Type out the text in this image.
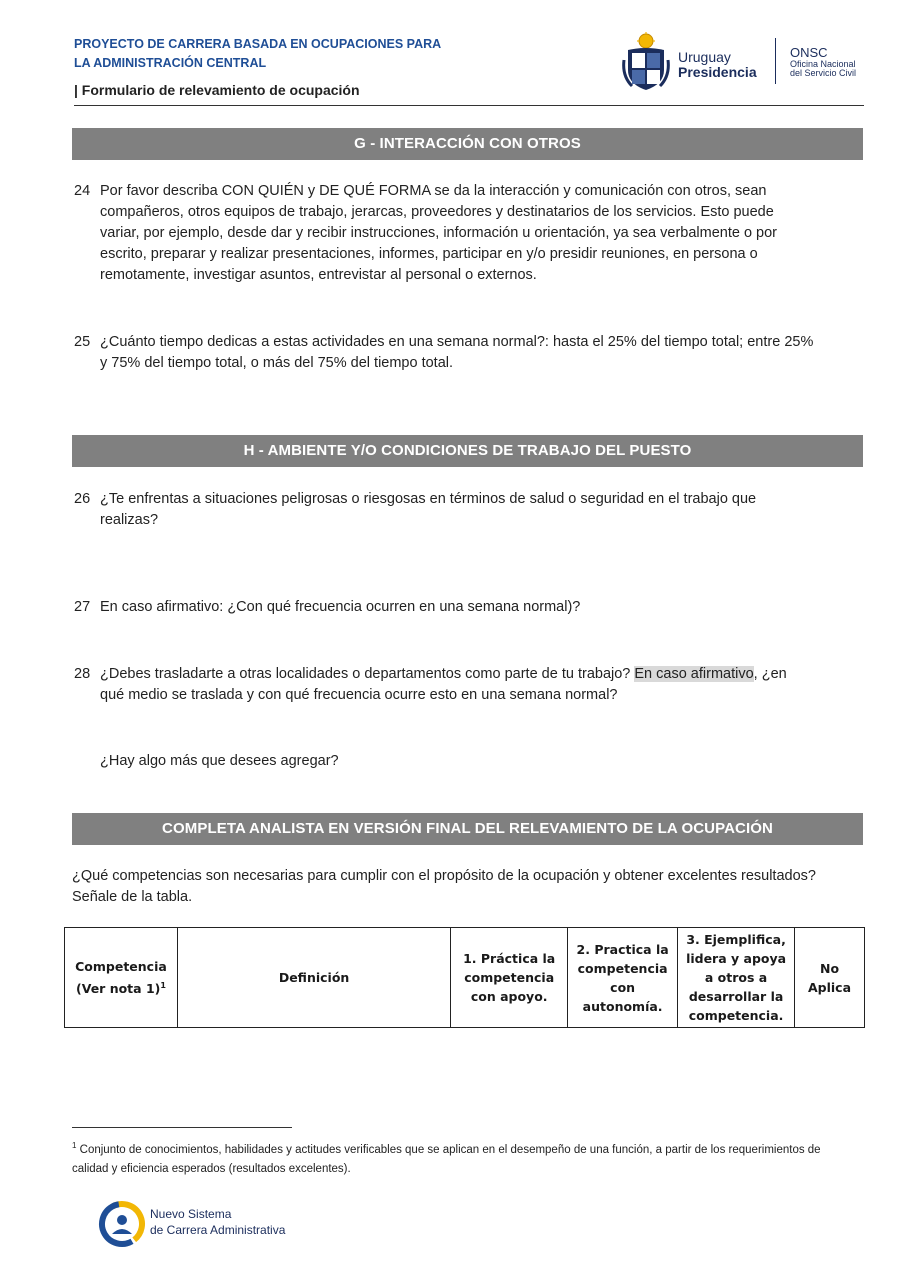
PROYECTO DE CARRERA BASADA EN OCUPACIONES PARA
LA ADMINISTRACIÓN CENTRAL
| Formulario de relevamiento de ocupación
Uruguay
Presidencia
ONSC
Oficina Nacional
del Servicio Civil
G - INTERACCIÓN CON OTROS
24 Por favor describa CON QUIÉN y DE QUÉ FORMA se da la interacción y comunicación con otros, sean compañeros, otros equipos de trabajo, jerarcas, proveedores y destinatarios de los servicios. Esto puede variar, por ejemplo, desde dar y recibir instrucciones, información u orientación, ya sea verbalmente o por escrito, preparar y realizar presentaciones, informes, participar en y/o presidir reuniones, en persona o remotamente, investigar asuntos, entrevistar al personal o externos.
25 ¿Cuánto tiempo dedicas a estas actividades en una semana normal?: hasta el 25% del tiempo total; entre 25% y 75% del tiempo total, o más del 75% del tiempo total.
H - AMBIENTE Y/O CONDICIONES DE TRABAJO DEL PUESTO
26 ¿Te enfrentas a situaciones peligrosas o riesgosas en términos de salud o seguridad en el trabajo que realizas?
27 En caso afirmativo: ¿Con qué frecuencia ocurren en una semana normal)?
28 ¿Debes trasladarte a otras localidades o departamentos como parte de tu trabajo? En caso afirmativo, ¿en qué medio se traslada y con qué frecuencia ocurre esto en una semana normal?
¿Hay algo más que desees agregar?
COMPLETA ANALISTA EN VERSIÓN FINAL DEL RELEVAMIENTO DE LA OCUPACIÓN
¿Qué competencias son necesarias para cumplir con el propósito de la ocupación y obtener excelentes resultados? Señale de la tabla.
Competencia (Ver nota 1)$^1$	Definición	1. Práctica la competencia con apoyo.	2. Practica la competencia con autonomía.	3. Ejemplifica, lidera y apoya a otros a desarrollar la competencia.	No Aplica
$^1$ Conjunto de conocimientos, habilidades y actitudes verificables que se aplican en el desempeño de una función, a partir de los requerimientos de calidad y eficiencia esperados (resultados excelentes).
Nuevo Sistema
de Carrera Administrativa
